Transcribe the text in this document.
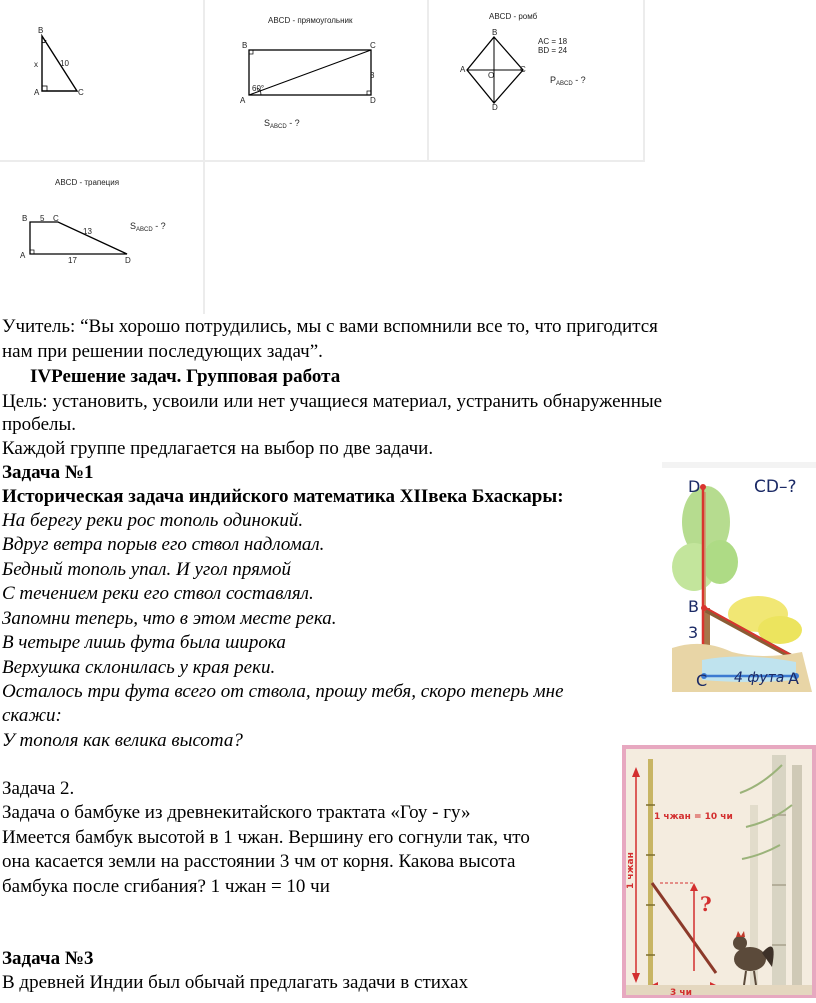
B
A	C
x	10
ABCD - прямоугольник
B	C
A	D
3
60°
$S_{ABCD}$ - ?
ABCD - ромб
B
A	C
D
O
AC = 18
BD = 24
$P_{ABCD}$ - ?
ABCD - трапеция
B 5 C
A
D
13
17
$S_{ABCD}$ - ?
Учитель: “Вы хорошо потрудились, мы с вами вспомнили все то, что пригодится
нам при решении последующих задач”.
IVРешение задач. Групповая работа
Цель: установить, усвоили или нет учащиеся материал, устранить обнаруженные
пробелы.
Каждой группе предлагается на выбор по две задачи.
Задача №1
Историческая задача индийского математика XIIвека Бхаскары:
На берегу реки рос тополь одинокий.
Вдруг ветра порыв его ствол надломал.
Бедный тополь упал. И угол прямой
С течением реки его ствол составлял.
Запомни теперь, что в этом месте река.
В четыре лишь фута была широка
Верхушка склонилась у края реки.
Осталось три фута всего от ствола, прошу тебя, скоро теперь мне
скажи:
У тополя как велика высота?
Задача 2.
Задача о бамбуке из древнекитайского трактата «Гоу - гу»
Имеется бамбук высотой в 1 чжан. Вершину его согнули так, что
она касается земли на расстоянии 3 чм от корня. Какова высота
бамбука после сгибания? 1 чжан = 10 чи
Задача №3
В древней Индии был обычай предлагать задачи в стихах
D	CD–?
B
3
C 4 фута A
1 чжан = 10 чи
1 чжан
?
3 чи
